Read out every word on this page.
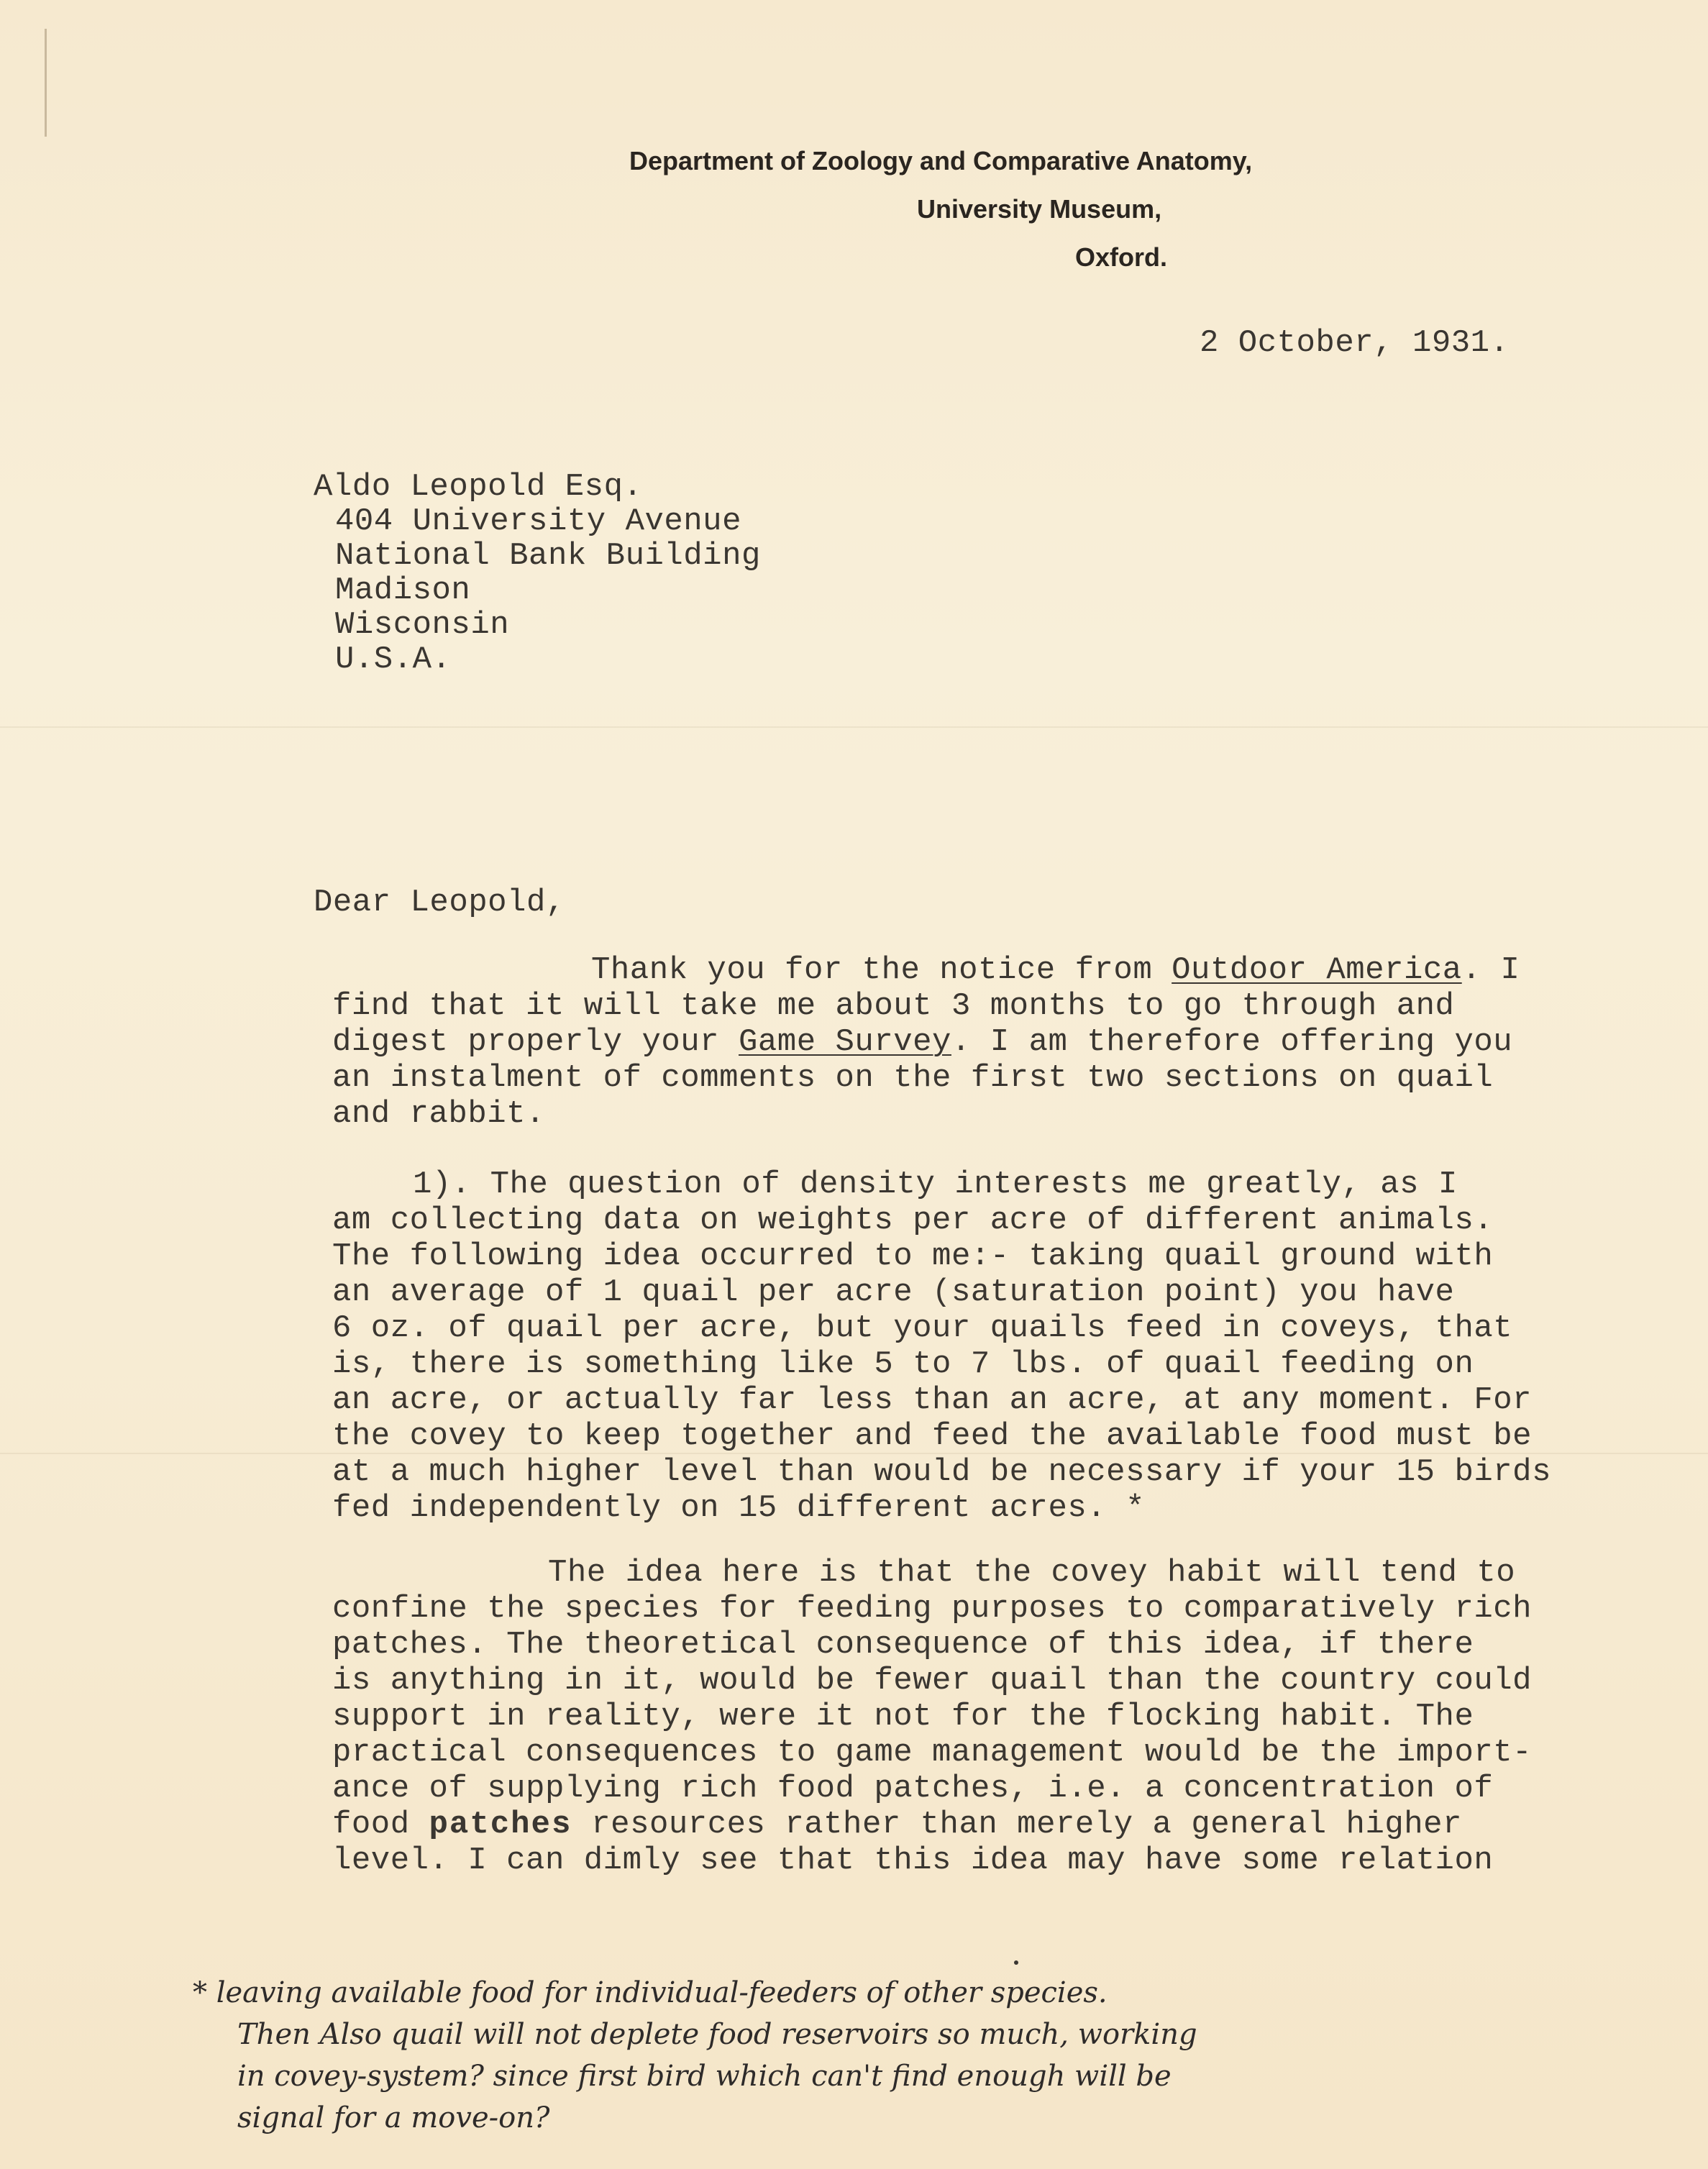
Department of Zoology and Comparative Anatomy,
University Museum,
Oxford.
2 October, 1931.
Aldo Leopold Esq.
404 University Avenue
National Bank Building
Madison
Wisconsin
U.S.A.
Dear Leopold,
Thank you for the notice from Outdoor America. I
find that it will take me about 3 months to go through and
digest properly your Game Survey. I am therefore offering you
an instalment of comments on the first two sections on quail
and rabbit.
1). The question of density interests me greatly, as I
am collecting data on weights per acre of different animals.
The following idea occurred to me:- taking quail ground with
an average of 1 quail per acre (saturation point) you have
6 oz. of quail per acre, but your quails feed in coveys, that
is, there is something like 5 to 7 lbs. of quail feeding on
an acre, or actually far less than an acre, at any moment. For
the covey to keep together and feed the available food must be
at a much higher level than would be necessary if your 15 birds
fed independently on 15 different acres. *
The idea here is that the covey habit will tend to
confine the species for feeding purposes to comparatively rich
patches. The theoretical consequence of this idea, if there
is anything in it, would be fewer quail than the country could
support in reality, were it not for the flocking habit. The
practical consequences to game management would be the import-
ance of supplying rich food patches, i.e. a concentration of
food patches resources rather than merely a general higher
level. I can dimly see that this idea may have some relation
* leaving available food for individual-feeders of other species.
Then Also quail will not deplete food reservoirs so much, working
in covey-system? since first bird which can't find enough will be
signal for a move-on?
